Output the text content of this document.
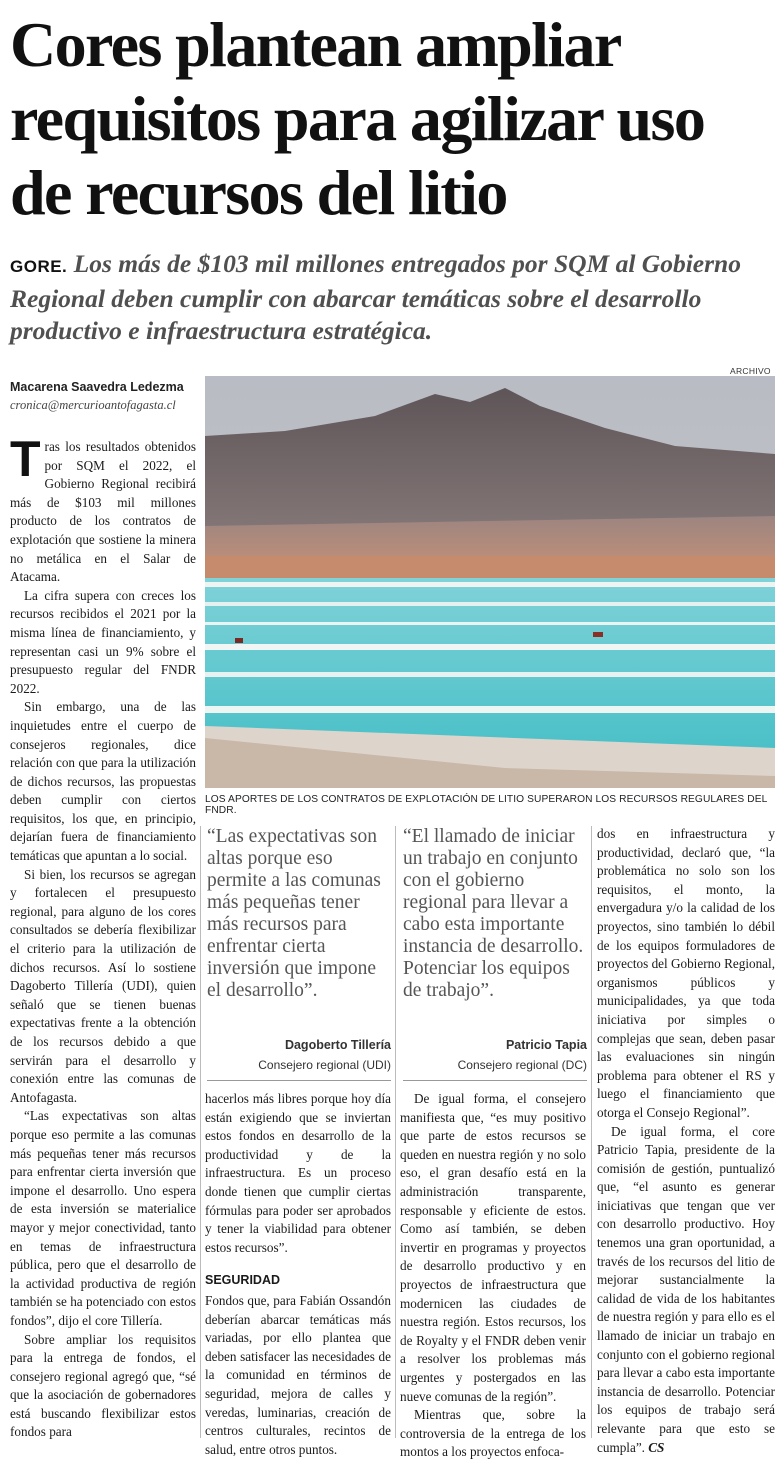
Cores plantean ampliar requisitos para agilizar uso de recursos del litio
GORE. Los más de $103 mil millones entregados por SQM al Gobierno Regional deben cumplir con abarcar temáticas sobre el desarrollo productivo e infraestructura estratégica.
Macarena Saavedra Ledezma
cronica@mercurioantofagasta.cl

Tras los resultados obtenidos por SQM el 2022, el Gobierno Regional recibirá más de $103 mil millones producto de los contratos de explotación que sostiene la minera no metálica en el Salar de Atacama.

La cifra supera con creces los recursos recibidos el 2021 por la misma línea de financiamiento, y representan casi un 9% sobre el presupuesto regular del FNDR 2022.

Sin embargo, una de las inquietudes entre el cuerpo de consejeros regionales, dice relación con que para la utilización de dichos recursos, las propuestas deben cumplir con ciertos requisitos, los que, en principio, dejarían fuera de financiamiento temáticas que apuntan a lo social.

Si bien, los recursos se agregan y fortalecen el presupuesto regional, para alguno de los cores consultados se debería flexibilizar el criterio para la utilización de dichos recursos. Así lo sostiene Dagoberto Tillería (UDI), quien señaló que se tienen buenas expectativas frente a la obtención de los recursos debido a que servirán para el desarrollo y conexión entre las comunas de Antofagasta.

“Las expectativas son altas porque eso permite a las comunas más pequeñas tener más recursos para enfrentar cierta inversión que impone el desarrollo. Uno espera de esta inversión se materialice mayor y mejor conectividad, tanto en temas de infraestructura pública, pero que el desarrollo de la actividad productiva de región también se ha potenciado con estos fondos”, dijo el core Tillería.

Sobre ampliar los requisitos para la entrega de fondos, el consejero regional agregó que, “sé que la asociación de gobernadores está buscando flexibilizar estos fondos para

ARCHIVO
LOS APORTES DE LOS CONTRATOS DE EXPLOTACIÓN DE LITIO SUPERARON LOS RECURSOS REGULARES DEL FNDR.
“Las expectativas son altas porque eso permite a las comunas más pequeñas tener más recursos para enfrentar cierta inversión que impone el desarrollo”.
Dagoberto Tillería
Consejero regional (UDI)
“El llamado de iniciar un trabajo en conjunto con el gobierno regional para llevar a cabo esta importante instancia de desarrollo. Potenciar los equipos de trabajo”.
Patricio Tapia
Consejero regional (DC)

hacerlos más libres porque hoy día están exigiendo que se inviertan estos fondos en desarrollo de la productividad y de la infraestructura. Es un proceso donde tienen que cumplir ciertas fórmulas para poder ser aprobados y tener la viabilidad para obtener estos recursos”.

SEGURIDAD

Fondos que, para Fabián Ossandón deberían abarcar temáticas más variadas, por ello plantea que deben satisfacer las necesidades de la comunidad en términos de seguridad, mejora de calles y veredas, luminarias, creación de centros culturales, recintos de salud, entre otros puntos.

De igual forma, el consejero manifiesta que, “es muy positivo que parte de estos recursos se queden en nuestra región y no solo eso, el gran desafío está en la administración transparente, responsable y eficiente de estos. Como así también, se deben invertir en programas y proyectos de desarrollo productivo y en proyectos de infraestructura que modernicen las ciudades de nuestra región. Estos recursos, los de Royalty y el FNDR deben venir a resolver los problemas más urgentes y postergados en las nueve comunas de la región”.

Mientras que, sobre la controversia de la entrega de los montos a los proyectos enfoca-

dos en infraestructura y productividad, declaró que, “la problemática no solo son los requisitos, el monto, la envergadura y/o la calidad de los proyectos, sino también lo débil de los equipos formuladores de proyectos del Gobierno Regional, organismos públicos y municipalidades, ya que toda iniciativa por simples o complejas que sean, deben pasar las evaluaciones sin ningún problema para obtener el RS y luego el financiamiento que otorga el Consejo Regional”.

De igual forma, el core Patricio Tapia, presidente de la comisión de gestión, puntualizó que, “el asunto es generar iniciativas que tengan que ver con desarrollo productivo. Hoy tenemos una gran oportunidad, a través de los recursos del litio de mejorar sustancialmente la calidad de vida de los habitantes de nuestra región y para ello es el llamado de iniciar un trabajo en conjunto con el gobierno regional para llevar a cabo esta importante instancia de desarrollo. Potenciar los equipos de trabajo será relevante para que esto se cumpla”. CS
